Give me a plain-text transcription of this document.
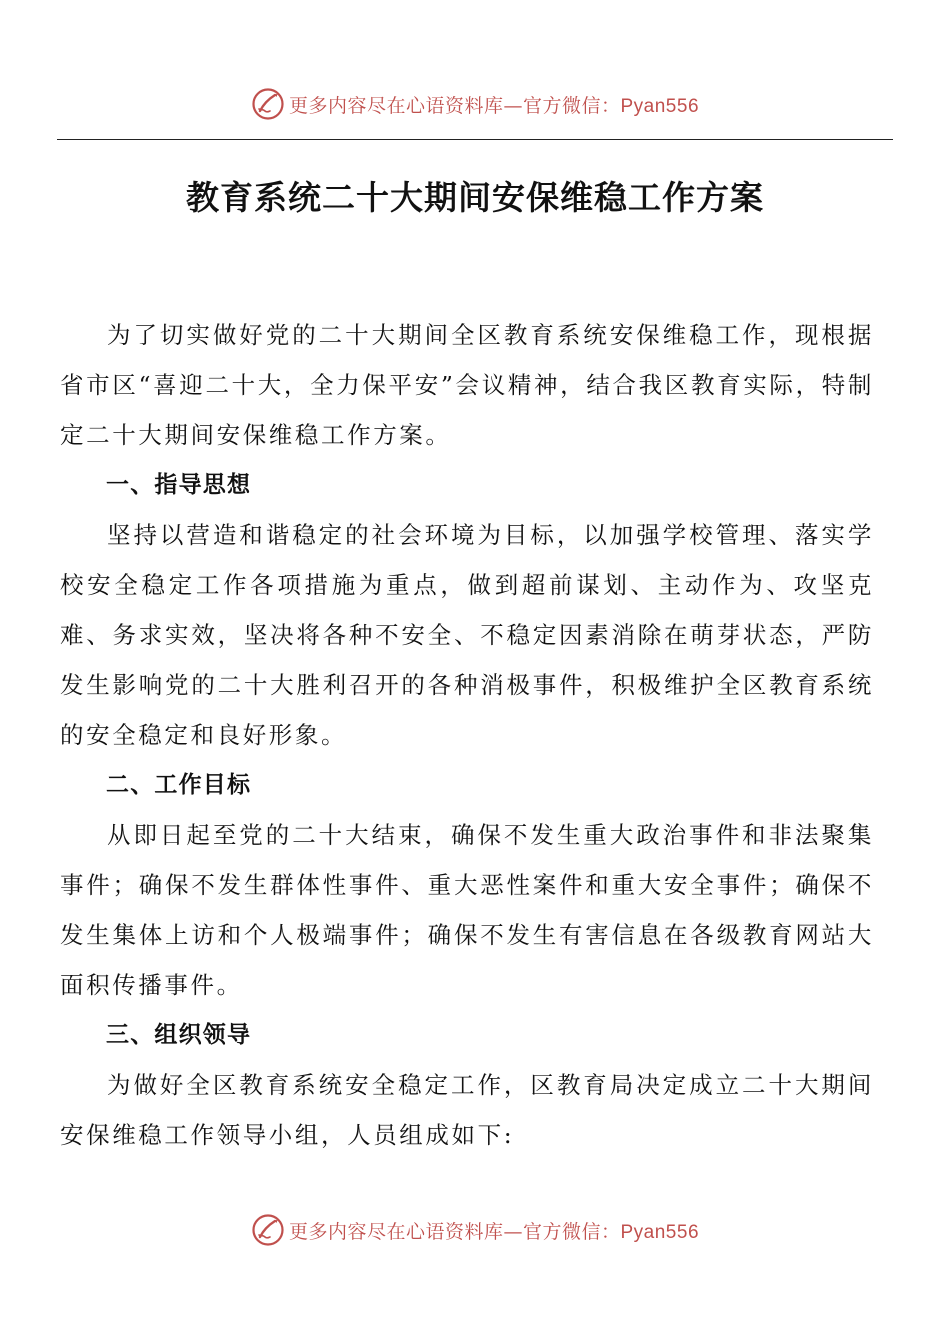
更多内容尽在心语资料库—官方微信：Pyan556
教育系统二十大期间安保维稳工作方案

为了切实做好党的二十大期间全区教育系统安保维稳工作，现根据省市区“喜迎二十大，全力保平安”会议精神，结合我区教育实际，特制定二十大期间安保维稳工作方案。

一、指导思想

坚持以营造和谐稳定的社会环境为目标，以加强学校管理、落实学校安全稳定工作各项措施为重点，做到超前谋划、主动作为、攻坚克难、务求实效，坚决将各种不安全、不稳定因素消除在萌芽状态，严防发生影响党的二十大胜利召开的各种消极事件，积极维护全区教育系统的安全稳定和良好形象。

二、工作目标

从即日起至党的二十大结束，确保不发生重大政治事件和非法聚集事件；确保不发生群体性事件、重大恶性案件和重大安全事件；确保不发生集体上访和个人极端事件；确保不发生有害信息在各级教育网站大面积传播事件。

三、组织领导

为做好全区教育系统安全稳定工作，区教育局决定成立二十大期间安保维稳工作领导小组，人员组成如下:

更多内容尽在心语资料库—官方微信：Pyan556
